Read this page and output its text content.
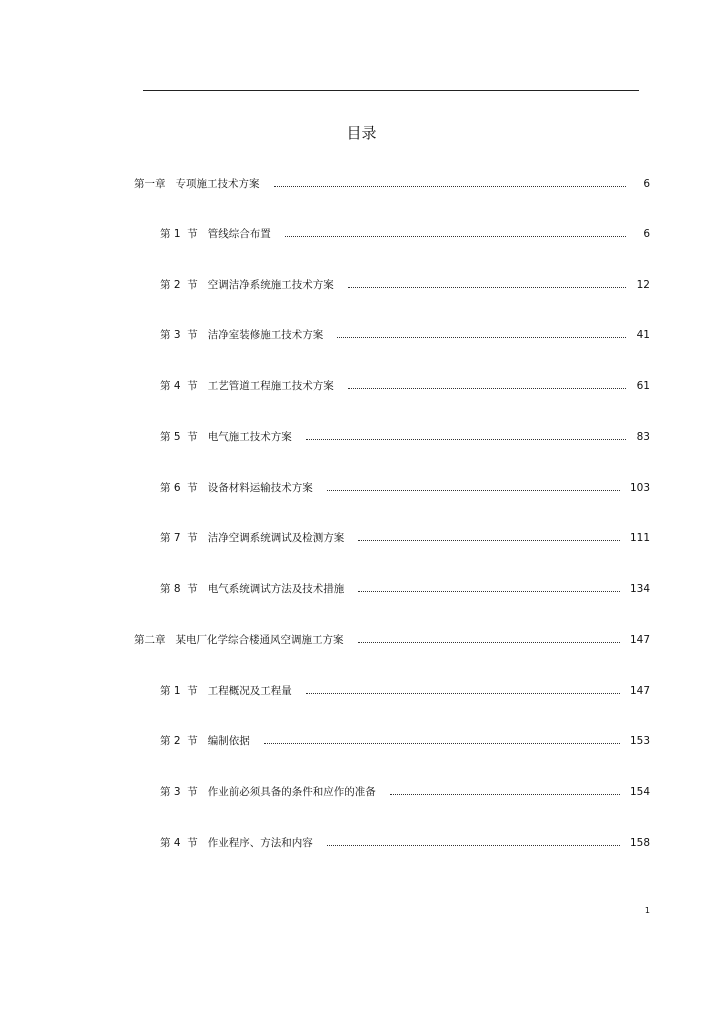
目录
第一章 专项施工技术方案	6
第 1  节 管线综合布置	6
第 2  节 空调洁净系统施工技术方案	12
第 3  节 洁净室装修施工技术方案	41
第 4  节 工艺管道工程施工技术方案	61
第 5  节 电气施工技术方案	83
第 6  节 设备材料运输技术方案	103
第 7  节 洁净空调系统调试及检测方案	111
第 8  节 电气系统调试方法及技术措施	134
第二章 某电厂化学综合楼通风空调施工方案	147
第 1  节 工程概况及工程量	147
第 2  节 编制依据	153
第 3  节 作业前必须具备的条件和应作的准备	154
第 4  节 作业程序、方法和内容	158
1
